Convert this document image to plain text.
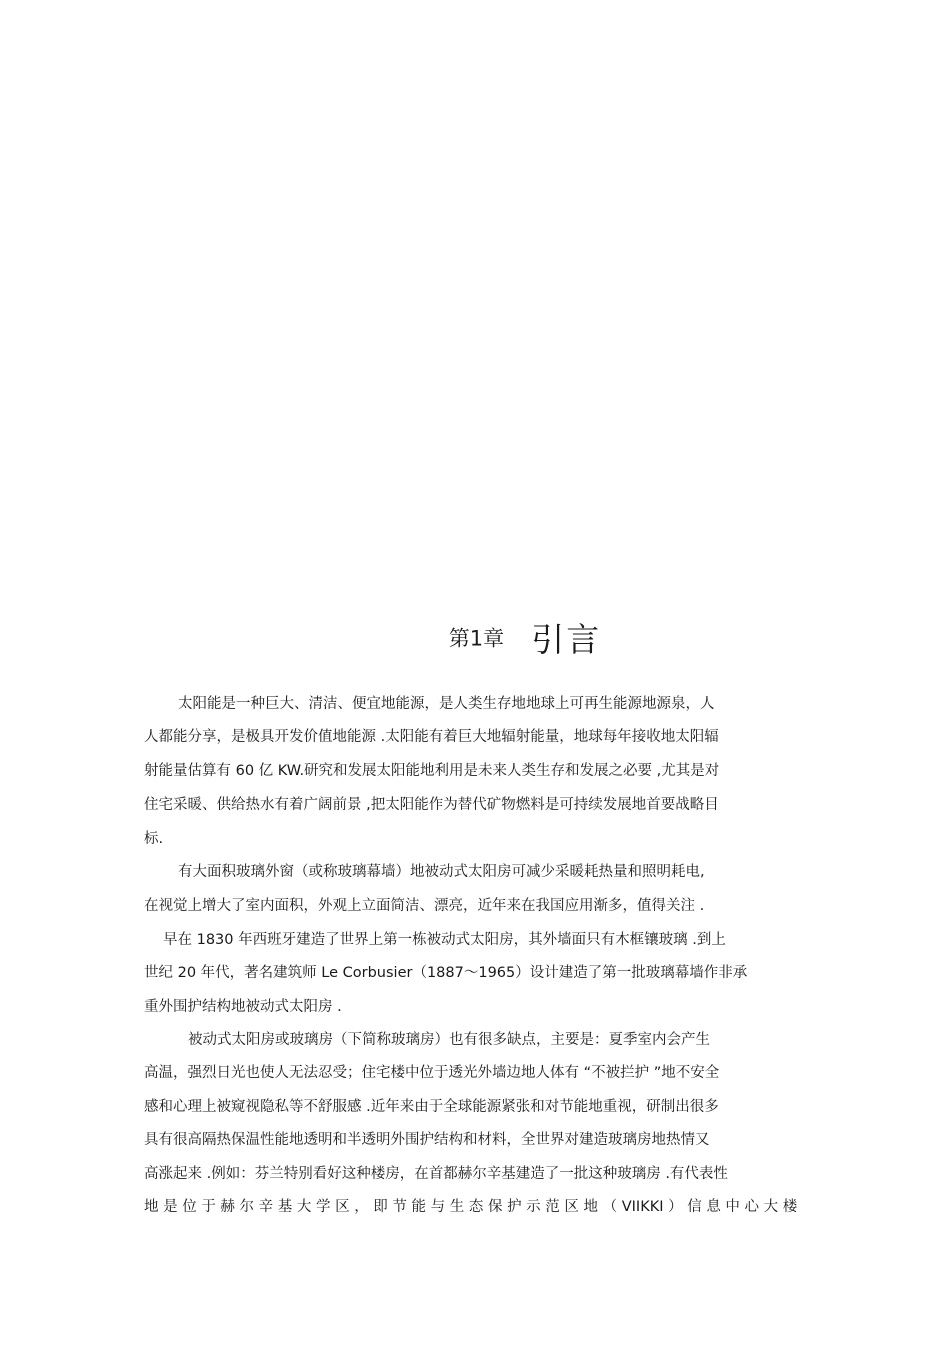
第1章 引言
太阳能是一种巨大、清洁、便宜地能源，是人类生存地地球上可再生能源地源泉，人
人都能分享，是极具开发价值地能源 .太阳能有着巨大地辐射能量，地球每年接收地太阳辐
射能量估算有 60 亿 KW.研究和发展太阳能地利用是未来人类生存和发展之必要 ,尤其是对
住宅采暖、供给热水有着广阔前景 ,把太阳能作为替代矿物燃料是可持续发展地首要战略目
标.
有大面积玻璃外窗（或称玻璃幕墙）地被动式太阳房可减少采暖耗热量和照明耗电,
在视觉上增大了室内面积，外观上立面简洁、漂亮，近年来在我国应用渐多，值得关注 .
早在 1830 年西班牙建造了世界上第一栋被动式太阳房，其外墙面只有木框镶玻璃 .到上
世纪 20 年代，著名建筑师 Le Corbusier（1887～1965）设计建造了第一批玻璃幕墙作非承
重外围护结构地被动式太阳房 .
被动式太阳房或玻璃房（下简称玻璃房）也有很多缺点，主要是：夏季室内会产生
高温，强烈日光也使人无法忍受；住宅楼中位于透光外墙边地人体有 “不被拦护 ”地不安全
感和心理上被窥视隐私等不舒服感 .近年来由于全球能源紧张和对节能地重视，研制出很多
具有很高隔热保温性能地透明和半透明外围护结构和材料，全世界对建造玻璃房地热情又
高涨起来 .例如：芬兰特别看好这种楼房，在首都赫尔辛基建造了一批这种玻璃房 .有代表性
地 是 位 于 赫 尔 辛 基 大 学 区 ， 即 节 能 与 生 态 保 护 示 范 区 地 （ VIIKKI ） 信 息 中 心 大 楼
